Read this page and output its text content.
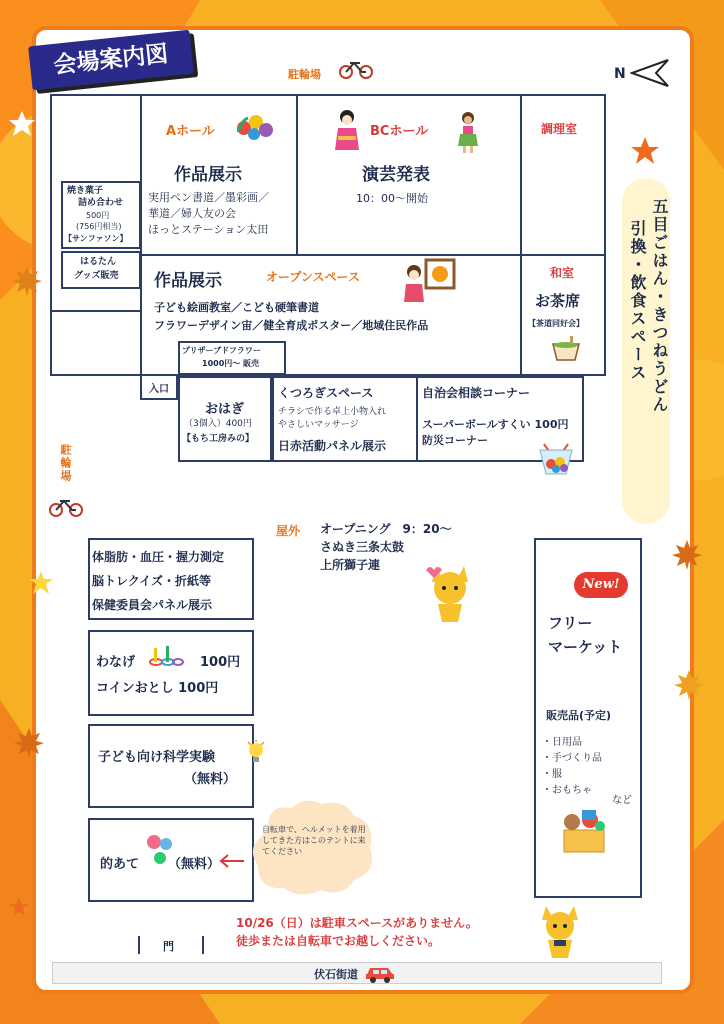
会場案内図	N
駐輪場
焼き菓子
詰め合わせ
500円
(756円相当)
【サンファソン】
はるたん
グッズ販売
Aホール
作品展示
実用ペン書道／墨彩画／
華道／婦人友の会
ほっとステーション太田
BCホール
演芸発表
10：00～開始
調理室
作品展示	オープンスペース
子ども絵画教室／こども硬筆書道
フラワーデザイン宙／健全育成ポスター／地域住民作品
和室
お茶席
【茶道同好会】
プリザーブドフラワー
1000円～ 販売
入口
おはぎ
（3個入）400円
【もち工房みの】
くつろぎスペース
チラシで作る卓上小物入れ
やさしいマッサージ
日赤活動パネル展示
自治会相談コーナー
スーパーボールすくい 100円
防災コーナー
五目ごはん・きつねうどん
引換・飲食スペース
駐輪場
屋外 オープニング　9：20～
さぬき三条太鼓
上所獅子連
体脂肪・血圧・握力測定
脳トレクイズ・折紙等
保健委員会パネル展示
わなげ	100円
コインおとし 100円
子ども向け科学実験
（無料）
的あて （無料）
自転車で、ヘルメットを着用してきた方はこのテントに来てください
New!
フリー
マーケット
販売品(予定)
・日用品
・手づくり品
・服
・おもちゃ
など
10/26（日）は駐車スペースがありません。
徒歩または自転車でお越しください。
門
伏石街道
